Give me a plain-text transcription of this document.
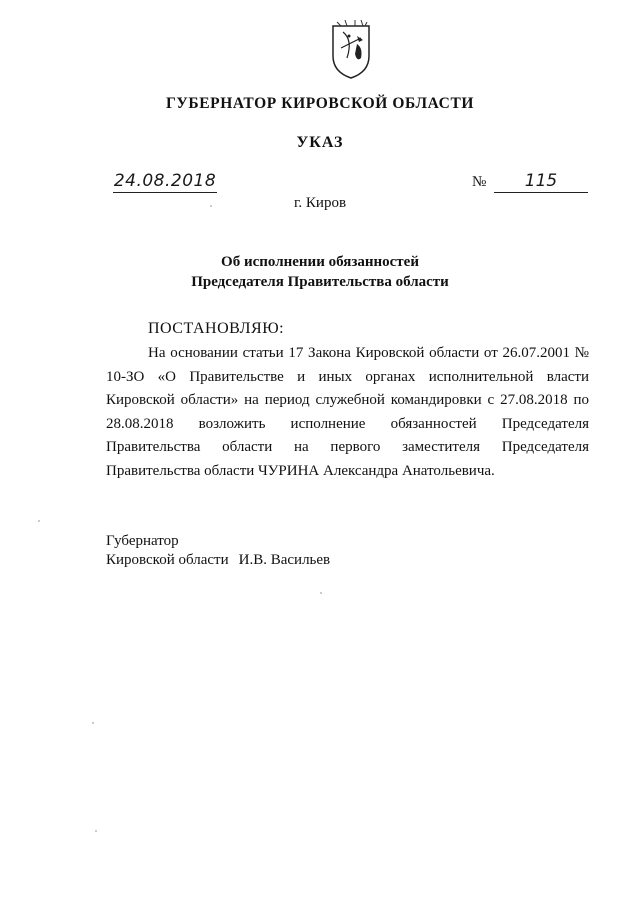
ГУБЕРНАТОР КИРОВСКОЙ ОБЛАСТИ
УКАЗ
24.08.2018	№	115
г. Киров
Об исполнении обязанностей
Председателя Правительства области
ПОСТАНОВЛЯЮ:
На основании статьи 17 Закона Кировской области от 26.07.2001 № 10-ЗО «О Правительстве и иных органах исполнительной власти Кировской области» на период служебной командировки с 27.08.2018 по 28.08.2018 возложить исполнение обязанностей Председателя Правительства области на первого заместителя Председателя Правительства области ЧУРИНА Александра Анатольевича.
Губернатор
Кировской области И.В. Васильев
